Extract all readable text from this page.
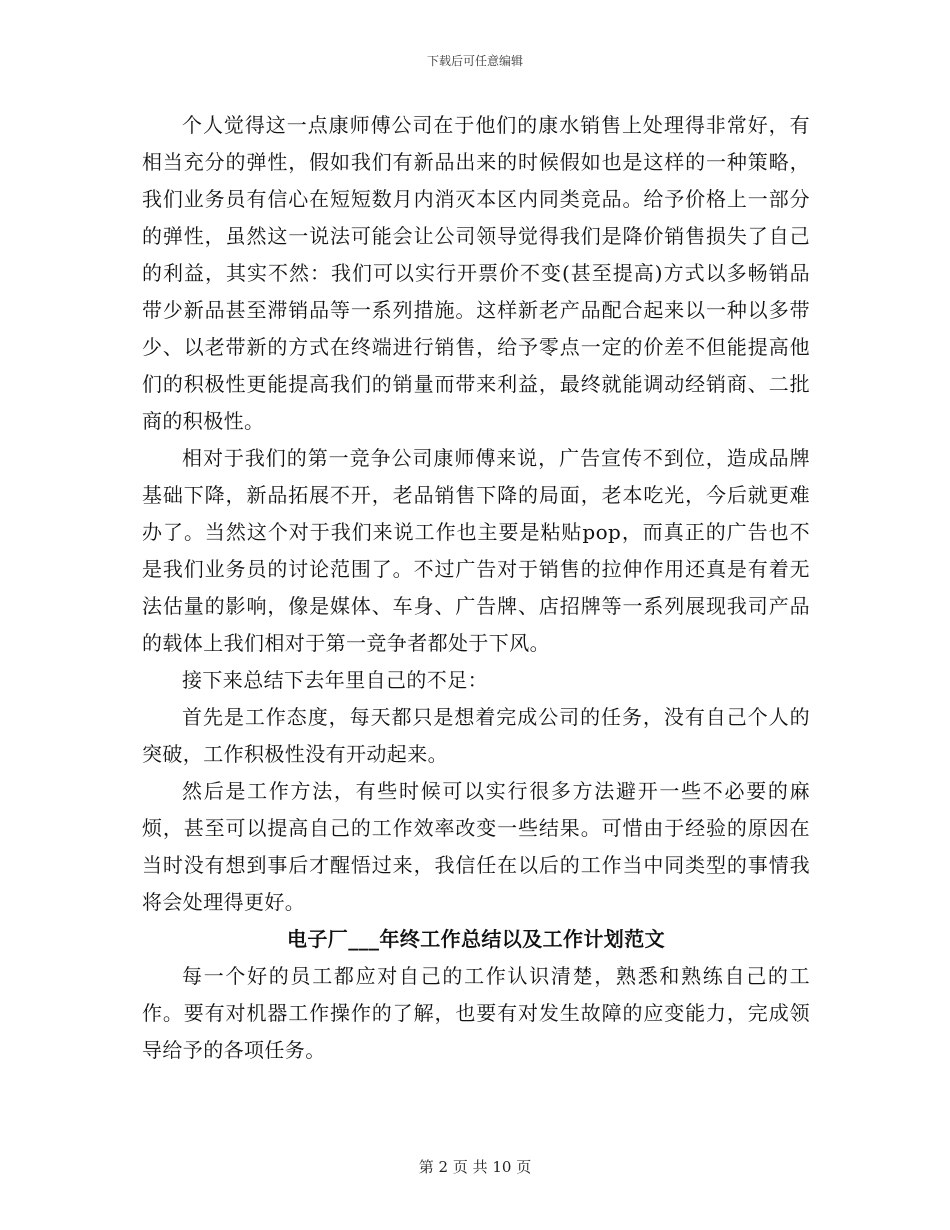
下载后可任意编辑

个人觉得这一点康师傅公司在于他们的康水销售上处理得非常好，有相当充分的弹性，假如我们有新品出来的时候假如也是这样的一种策略，我们业务员有信心在短短数月内消灭本区内同类竞品。给予价格上一部分的弹性，虽然这一说法可能会让公司领导觉得我们是降价销售损失了自己的利益，其实不然：我们可以实行开票价不变(甚至提高)方式以多畅销品带少新品甚至滞销品等一系列措施。这样新老产品配合起来以一种以多带少、以老带新的方式在终端进行销售，给予零点一定的价差不但能提高他们的积极性更能提高我们的销量而带来利益，最终就能调动经销商、二批商的积极性。

相对于我们的第一竞争公司康师傅来说，广告宣传不到位，造成品牌基础下降，新品拓展不开，老品销售下降的局面，老本吃光，今后就更难办了。当然这个对于我们来说工作也主要是粘贴pop，而真正的广告也不是我们业务员的讨论范围了。不过广告对于销售的拉伸作用还真是有着无法估量的影响，像是媒体、车身、广告牌、店招牌等一系列展现我司产品的载体上我们相对于第一竞争者都处于下风。

接下来总结下去年里自己的不足：

首先是工作态度，每天都只是想着完成公司的任务，没有自己个人的突破，工作积极性没有开动起来。

然后是工作方法，有些时候可以实行很多方法避开一些不必要的麻烦，甚至可以提高自己的工作效率改变一些结果。可惜由于经验的原因在当时没有想到事后才醒悟过来，我信任在以后的工作当中同类型的事情我将会处理得更好。

电子厂___年终工作总结以及工作计划范文

每一个好的员工都应对自己的工作认识清楚，熟悉和熟练自己的工作。要有对机器工作操作的了解，也要有对发生故障的应变能力，完成领导给予的各项任务。

第 2 页 共 10 页
